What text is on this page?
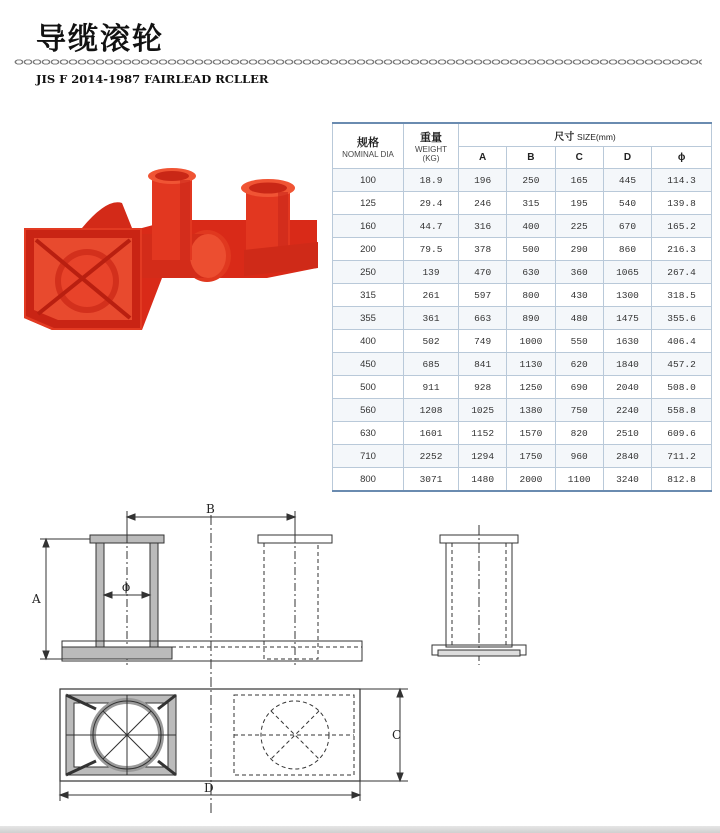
导缆滚轮
JIS F 2014-1987 FAIRLEAD RCLLER
规格
NOMINAL DIA	重量
WEIGHT
(KG)	尺寸 SIZE(mm)				
		A	B	C	D	ϕ
100	18.9	196	250	165	445	114.3
125	29.4	246	315	195	540	139.8
160	44.7	316	400	225	670	165.2
200	79.5	378	500	290	860	216.3
250	139	470	630	360	1065	267.4
315	261	597	800	430	1300	318.5
355	361	663	890	480	1475	355.6
400	502	749	1000	550	1630	406.4
450	685	841	1130	620	1840	457.2
500	911	928	1250	690	2040	508.0
560	1208	1025	1380	750	2240	558.8
630	1601	1152	1570	820	2510	609.6
710	2252	1294	1750	960	2840	711.2
800	3071	1480	2000	1100	3240	812.8
B
A
ϕ
C
D
